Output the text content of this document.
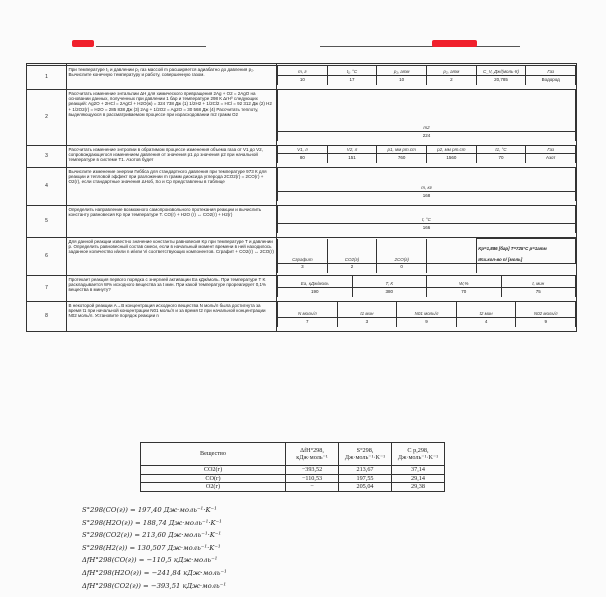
1	При температуре t₁ и давлении p₁ газ массой m расширяется адиабатно до давления p₂. Вычислите конечную температуру и работу, совершенную газом.	
m, г	t₁, °C	p₁, атм	p₂, атм	C_V, Дж/(моль·К)	Газ
10	17	10	2	20,785	Водород

2	Рассчитать изменение энтальпии ΔН для химического превращения 2Ag + O2 = 2AgO на основании данных, полученных при давлении 1 бар и температуре 298 К ΔrH⁰ следующих реакций: Ag2O + 2HCl = 2AgCl + H2O(ж) = 324 738 Дж (1) 1/2H2 + 1/2Cl2 = HCl = 92 312 Дж (2) H2 + 1/2O2(г) = H2O = 285 838 Дж (3) 2Ag + 1/2O2 = Ag2O = 30 568 Дж (4) Рассчитать теплоту, выделяющуюся в рассматриваемом процессе при израсходовании m2 грамм O2	
m2
224

3	Рассчитать изменение энтропии в обратимом процессе изменения объема газа от V1 до V2, сопровождающегося изменением давления от значения p1 до значения p2 при начальной температуре в системе T1. Азотов будет	
V1, л	V2, л	p1, мм рт.ст	p2, мм рт.ст	t1, °С	Газ
80	151	760	1560	70	Азот

4	Вычислите изменение энергии Гиббса для стандартного давления при температуре 973 К для реакции и тепловой эффект при разложении m грамм диоксида углерода 2CO2(г) = 2CO(г) + O2(г), если стандартные значения ΔНоб, So и Cp представлены в таблице	
m, кг
168

5	Определить направление возможного самопроизвольного протекания реакции и вычислить константу равновесия Kp при температуре T. CO(г) + H2O (г) ↔ CO2(г) + H2(г)	
t, °С
166

6	Для данной реакции известно значение константы равновесия Kp при температуре T и давлении p. Определить равновесный состав смеси, если в начальный момент времени в ней находилось заданное количество и/или n и/или Vi соответствующих компонентов. Cграфит + CO2(г) ↔ 2CO(г)	
Cграфит	CO2(г)	2CO(г)		
Kp=1,886 [бар] T=725°C p=1атм
Исх.кол-во n/ [моль]

3	2	0	

7	Протекает реакция первого порядка с энергией активации Ea кДж/моль. При температуре T K раскладывается W% исходного вещества за t мин. При какой температуре прореагирует 0,1% вещества в минуту?	
Ea, кДж/моль	T, К	W,%	t, мин
190	380	70	75

8	В некоторой реакции A→B концентрация исходного вещества N моль/л была достигнута за время t1 при начальной концентрации N01 моль/л и за время t2 при начальной концентрации N02 моль/л. Установите порядок реакции n		N моль/л	t1 мин	N01 моль/л	t2 мин	N02 моль/л
7	3	9	4	9
Вещество	ΔfH°298, кДж·моль⁻¹	S°298, Дж·моль⁻¹·K⁻¹	C p,298, Дж·моль⁻¹·K⁻¹
CO2(г)	−393,52	213,67	37,14
CO(г)	−110,53	197,55	29,14
O2(г)	−	205,04	29,38
S°298(CO(г)) = 197,40 Дж·моль⁻¹·K⁻¹
S°298(H2O(г)) = 188,74 Дж·моль⁻¹·K⁻¹
S°298(CO2(г)) = 213,60 Дж·моль⁻¹·K⁻¹
S°298(H2(г)) = 130,507 Дж·моль⁻¹·K⁻¹
ΔfH°298(CO(г)) = −110,5 кДж·моль⁻¹
ΔfH°298(H2O(г)) = −241,84 кДж·моль⁻¹
ΔfH°298(CO2(г)) = −393,51 кДж·моль⁻¹
